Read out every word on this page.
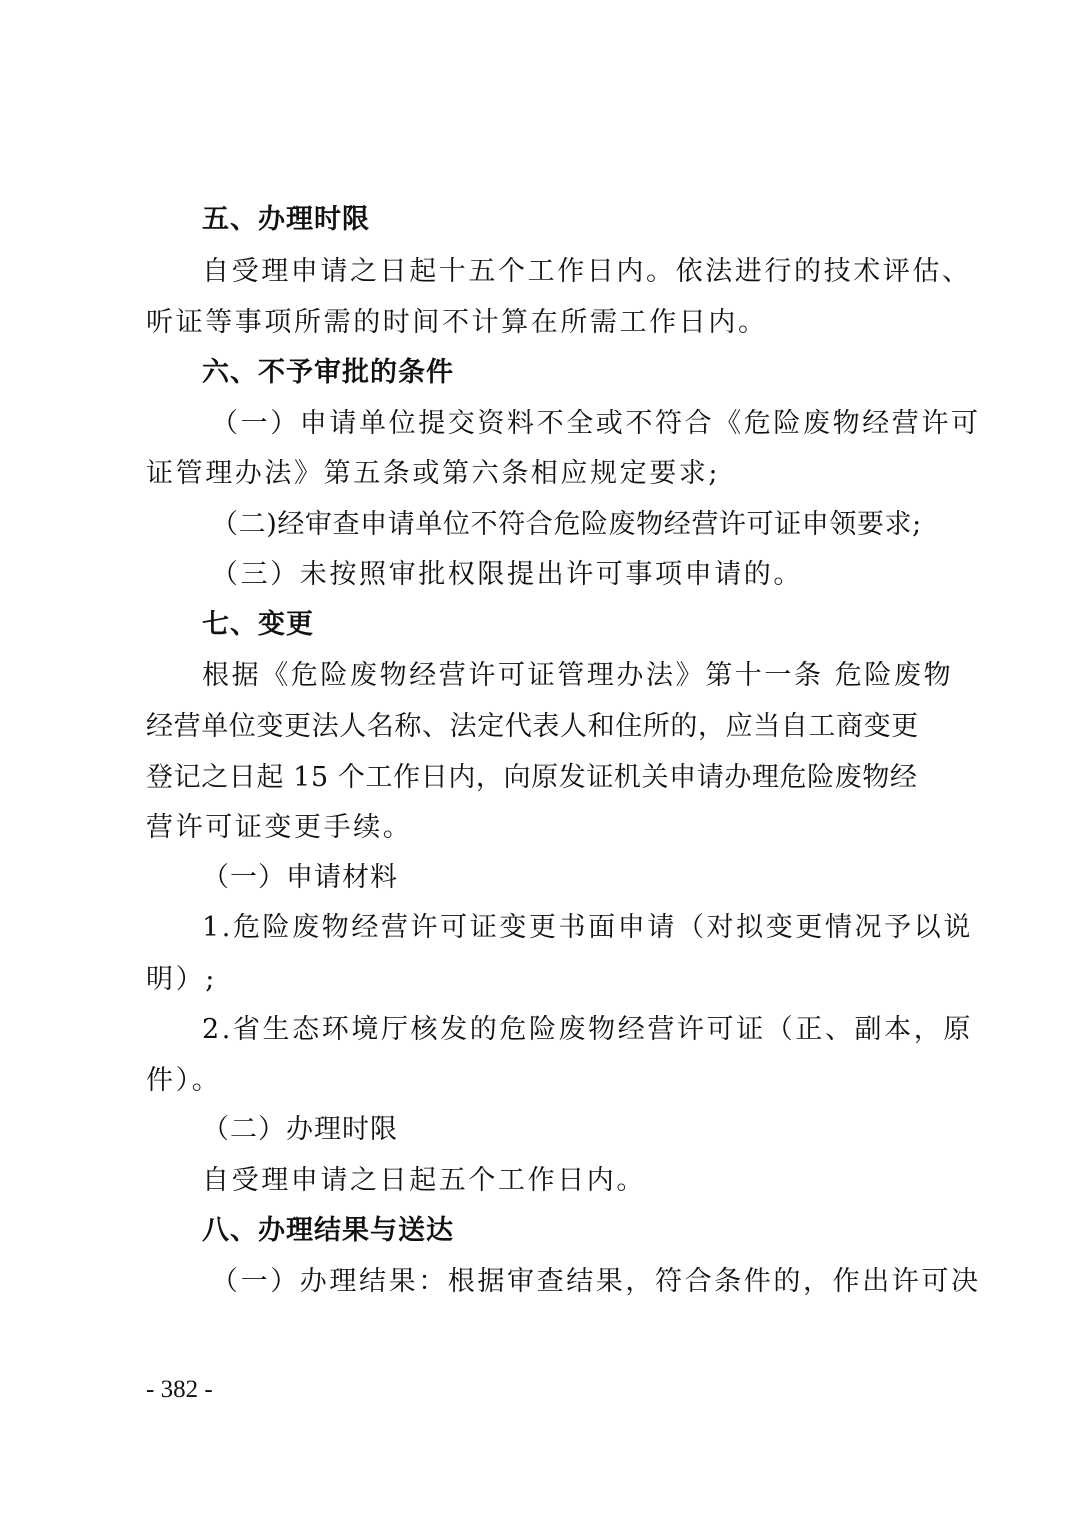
五、办理时限
自受理申请之日起十五个工作日内。依法进行的技术评估、
听证等事项所需的时间不计算在所需工作日内。
六、不予审批的条件
（一）申请单位提交资料不全或不符合《危险废物经营许可
证管理办法》第五条或第六条相应规定要求;
（二)经审查申请单位不符合危险废物经营许可证申领要求;
（三）未按照审批权限提出许可事项申请的。
七、变更
根据《危险废物经营许可证管理办法》第十一条 危险废物
经营单位变更法人名称、法定代表人和住所的，应当自工商变更
登记之日起 15 个工作日内，向原发证机关申请办理危险废物经
营许可证变更手续。
（一）申请材料
1.危险废物经营许可证变更书面申请（对拟变更情况予以说
明）;
2.省生态环境厅核发的危险废物经营许可证（正、副本，原
件）。
（二）办理时限
自受理申请之日起五个工作日内。
八、办理结果与送达
（一）办理结果：根据审查结果，符合条件的，作出许可决
- 382 -
